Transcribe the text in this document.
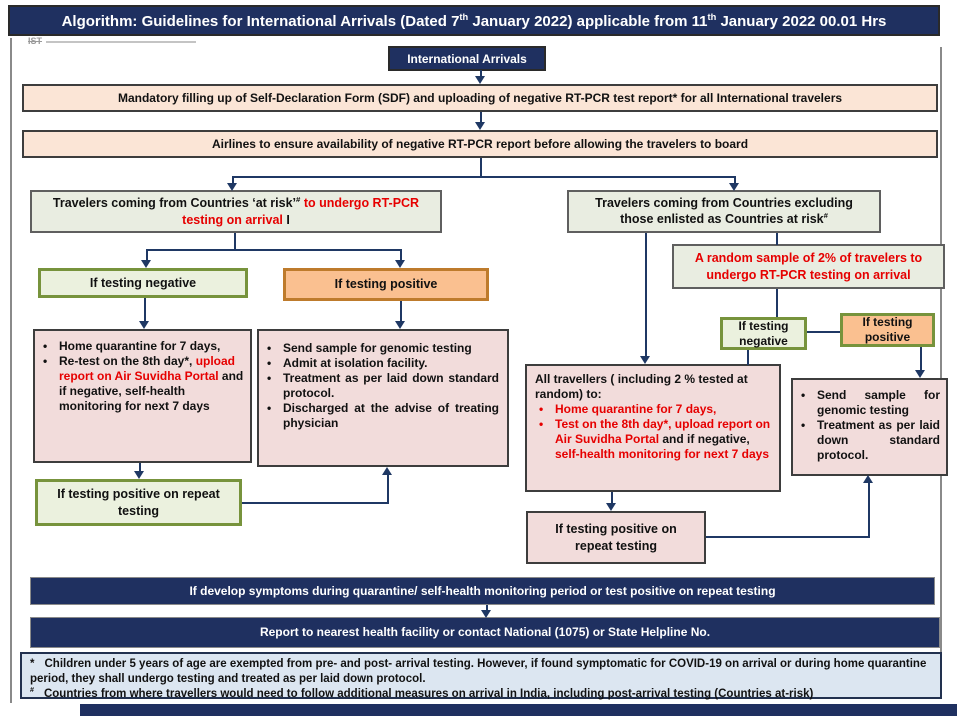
Algorithm: Guidelines for International Arrivals (Dated 7th January 2022) applicable from 11th January 2022 00.01 Hrs
IST
International Arrivals
Mandatory filling up of Self-Declaration Form (SDF) and uploading of negative RT-PCR test report* for all International travelers
Airlines to ensure availability of negative RT-PCR report before allowing the travelers to board
Travelers coming from Countries ‘at risk’# to undergo RT-PCR testing on arrival I
Travelers coming from Countries excluding those enlisted as Countries at risk#
A random sample of 2% of travelers to undergo RT-PCR testing on arrival
If testing negative	If testing positive
•
Home quarantine for 7 days,
•
Re-test on the 8th day*, upload report on Air Suvidha Portal and if negative, self-health monitoring for next 7 days
•
Send sample for genomic testing
•
Admit at isolation facility.
•
Treatment as per laid down standard protocol.
•
Discharged at the advise of treating physician
If testing positive on repeat testing
If testing negative
If testing positive
All travellers ( including 2 % tested at random) to:
•
Home quarantine for 7 days,
•
Test on the 8th day*, upload report on Air Suvidha Portal and if negative, self-health monitoring for next 7 days
•
Send sample for genomic testing
•
Treatment as per laid down standard protocol.
If testing positive on repeat testing
If develop symptoms during quarantine/ self-health monitoring period or test positive on repeat testing
Report to nearest health facility or contact National (1075) or State Helpline No.
* Children under 5 years of age are exempted from pre- and post- arrival testing. However, if found symptomatic for COVID-19 on arrival or during home quarantine period, they shall undergo testing and treated as per laid down protocol.
# Countries from where travellers would need to follow additional measures on arrival in India, including post-arrival testing (Countries at-risk)
